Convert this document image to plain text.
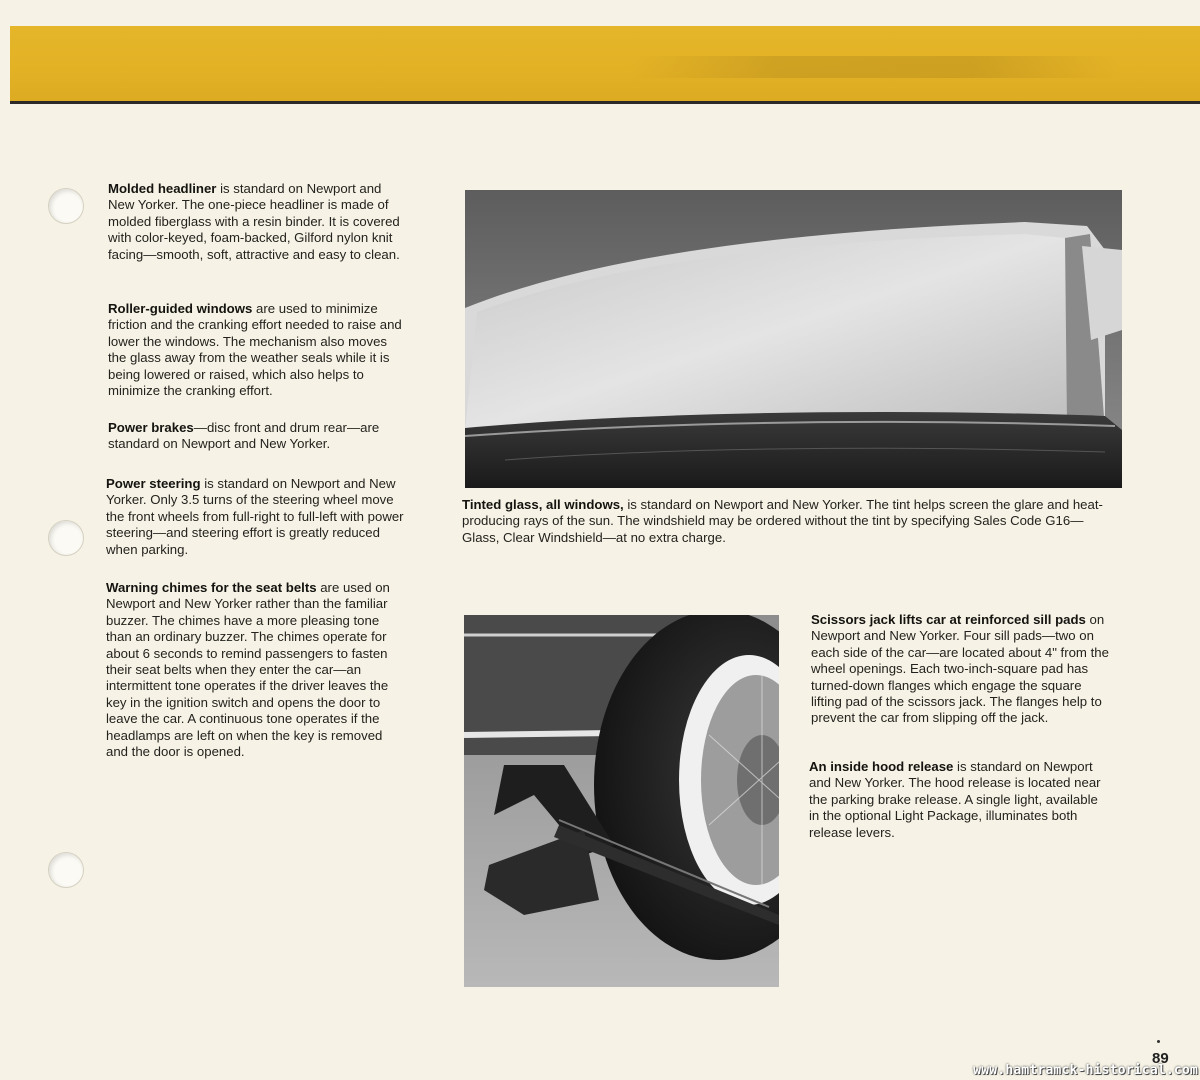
Molded headliner is standard on Newport and New Yorker. The one-piece headliner is made of molded fiberglass with a resin binder. It is covered with color-keyed, foam-backed, Gilford nylon knit facing—smooth, soft, attractive and easy to clean.

Roller-guided windows are used to minimize friction and the cranking effort needed to raise and lower the windows. The mechanism also moves the glass away from the weather seals while it is being lowered or raised, which also helps to minimize the cranking effort.

Power brakes—disc front and drum rear—are standard on Newport and New Yorker.

Power steering is standard on Newport and New Yorker. Only 3.5 turns of the steering wheel move the front wheels from full-right to full-left with power steering—and steering effort is greatly reduced when parking.

Warning chimes for the seat belts are used on Newport and New Yorker rather than the familiar buzzer. The chimes have a more pleasing tone than an ordinary buzzer. The chimes operate for about 6 seconds to remind passengers to fasten their seat belts when they enter the car—an intermittent tone operates if the driver leaves the key in the ignition switch and opens the door to leave the car. A continuous tone operates if the headlamps are left on when the key is removed and the door is opened.

Tinted glass, all windows, is standard on Newport and New Yorker. The tint helps screen the glare and heat-producing rays of the sun. The windshield may be ordered without the tint by specifying Sales Code G16—Glass, Clear Windshield—at no extra charge.

Scissors jack lifts car at reinforced sill pads on Newport and New Yorker. Four sill pads—two on each side of the car—are located about 4" from the wheel openings. Each two-inch-square pad has turned-down flanges which engage the square lifting pad of the scissors jack. The flanges help to prevent the car from slipping off the jack.

An inside hood release is standard on Newport and New Yorker. The hood release is located near the parking brake release. A single light, available in the optional Light Package, illuminates both release levers.

89
www.hamtramck-historical.com
